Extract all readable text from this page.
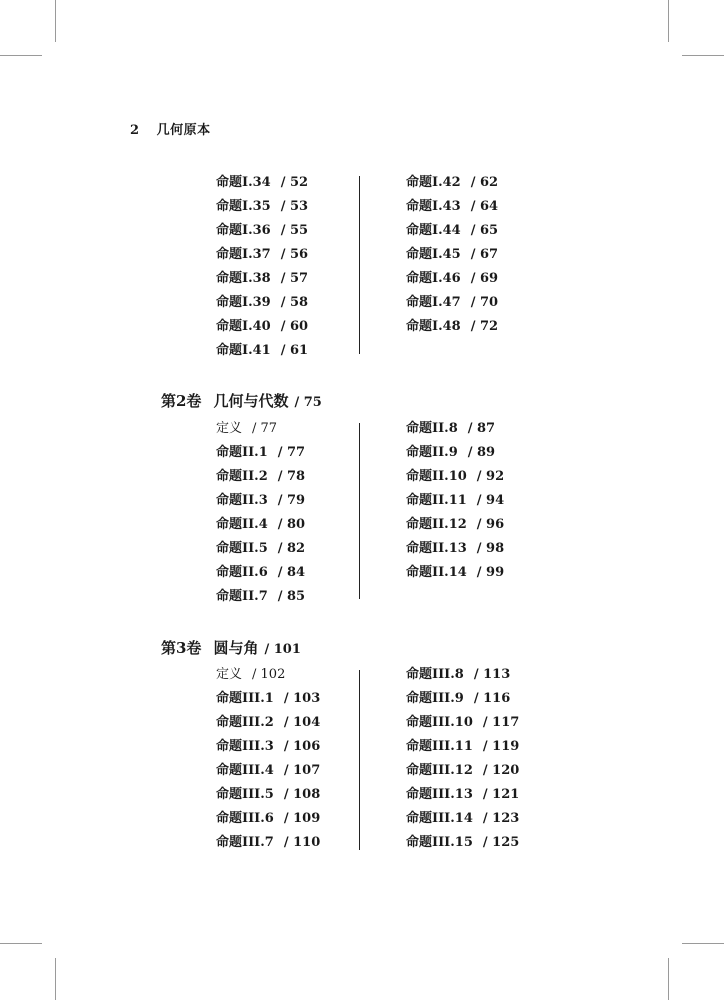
2 几何原本
命题Ⅰ.34 / 52
命题Ⅰ.35 / 53
命题Ⅰ.36 / 55
命题Ⅰ.37 / 56
命题Ⅰ.38 / 57
命题Ⅰ.39 / 58
命题Ⅰ.40 / 60
命题Ⅰ.41 / 61
命题Ⅰ.42 / 62
命题Ⅰ.43 / 64
命题Ⅰ.44 / 65
命题Ⅰ.45 / 67
命题Ⅰ.46 / 69
命题Ⅰ.47 / 70
命题Ⅰ.48 / 72
第2卷 几何与代数 / 75
定义 / 77
命题II.1 / 77
命题II.2 / 78
命题II.3 / 79
命题II.4 / 80
命题II.5 / 82
命题II.6 / 84
命题II.7 / 85
命题II.8 / 87
命题II.9 / 89
命题II.10 / 92
命题II.11 / 94
命题II.12 / 96
命题II.13 / 98
命题II.14 / 99
第3卷 圆与角 / 101
定义 / 102
命题III.1 / 103
命题III.2 / 104
命题III.3 / 106
命题III.4 / 107
命题III.5 / 108
命题III.6 / 109
命题III.7 / 110
命题III.8 / 113
命题III.9 / 116
命题III.10 / 117
命题III.11 / 119
命题III.12 / 120
命题III.13 / 121
命题III.14 / 123
命题III.15 / 125
